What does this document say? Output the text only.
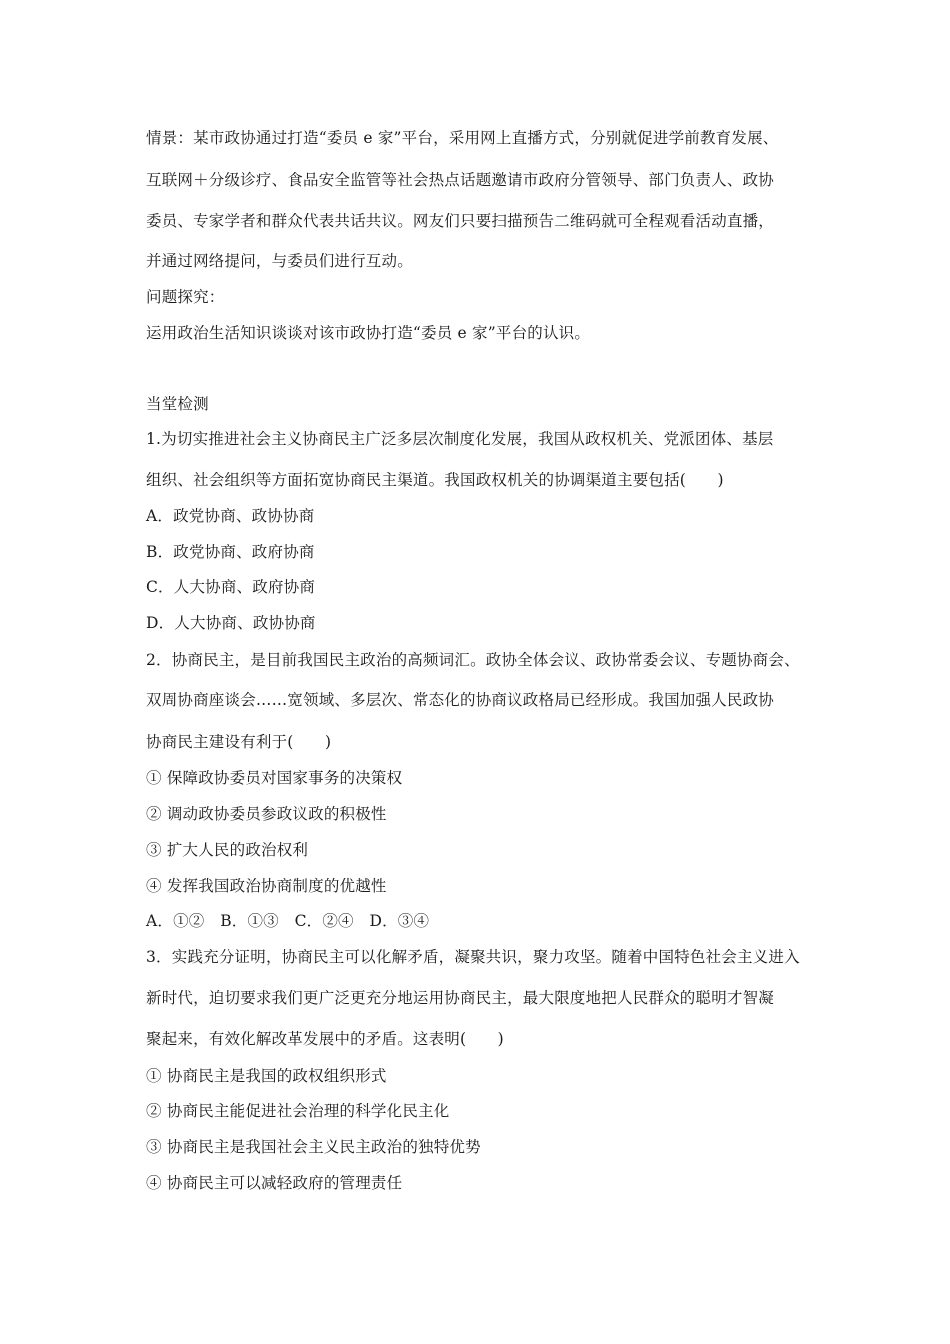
情景：某市政协通过打造“委员 e 家”平台，采用网上直播方式，分别就促进学前教育发展、
互联网＋分级诊疗、食品安全监管等社会热点话题邀请市政府分管领导、部门负责人、政协
委员、专家学者和群众代表共话共议。网友们只要扫描预告二维码就可全程观看活动直播，
并通过网络提问，与委员们进行互动。
问题探究：
运用政治生活知识谈谈对该市政协打造“委员 e 家”平台的认识。
当堂检测
1.为切实推进社会主义协商民主广泛多层次制度化发展，我国从政权机关、党派团体、基层
组织、社会组织等方面拓宽协商民主渠道。我国政权机关的协调渠道主要包括(　　)
A．政党协商、政协协商
B．政党协商、政府协商
C．人大协商、政府协商
D．人大协商、政协协商
2．协商民主，是目前我国民主政治的高频词汇。政协全体会议、政协常委会议、专题协商会、
双周协商座谈会……宽领域、多层次、常态化的协商议政格局已经形成。我国加强人民政协
协商民主建设有利于(　　)
① 保障政协委员对国家事务的决策权
② 调动政协委员参政议政的积极性
③ 扩大人民的政治权利
④ 发挥我国政治协商制度的优越性
A．①②　B．①③　C．②④　D．③④
3．实践充分证明，协商民主可以化解矛盾，凝聚共识，聚力攻坚。随着中国特色社会主义进入
新时代，迫切要求我们更广泛更充分地运用协商民主，最大限度地把人民群众的聪明才智凝
聚起来，有效化解改革发展中的矛盾。这表明(　　)
① 协商民主是我国的政权组织形式
② 协商民主能促进社会治理的科学化民主化
③ 协商民主是我国社会主义民主政治的独特优势
④ 协商民主可以减轻政府的管理责任
